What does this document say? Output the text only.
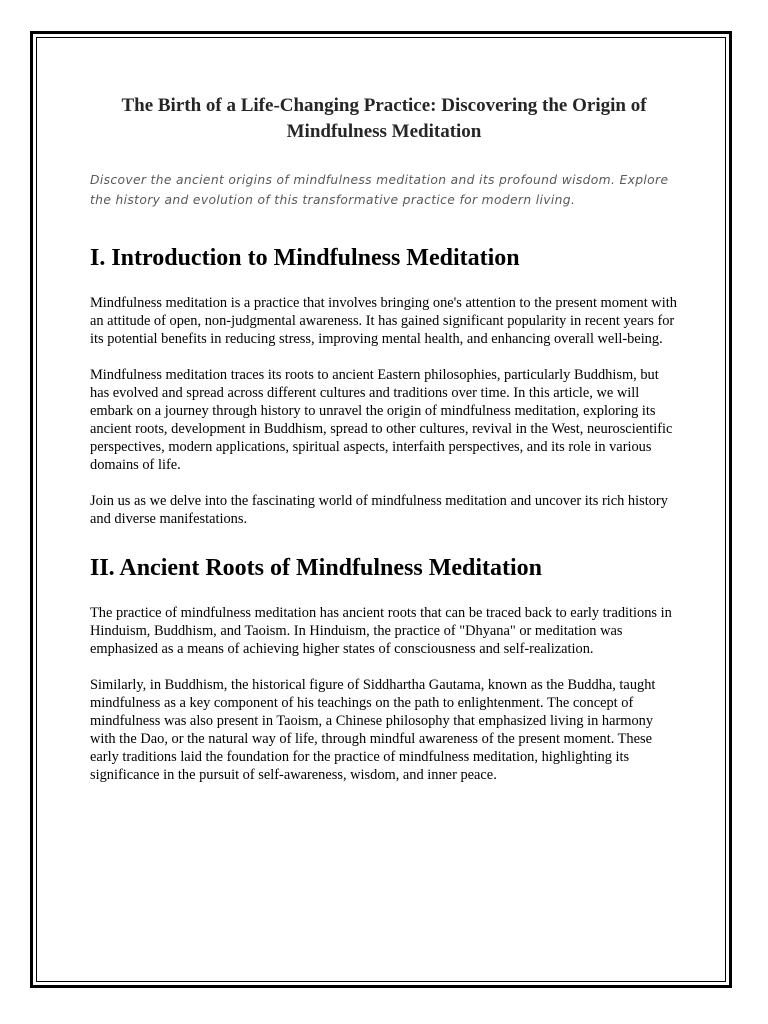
The Birth of a Life-Changing Practice: Discovering the Origin of Mindfulness Meditation

Discover the ancient origins of mindfulness meditation and its profound wisdom. Explore the history and evolution of this transformative practice for modern living.

I. Introduction to Mindfulness Meditation

Mindfulness meditation is a practice that involves bringing one's attention to the present moment with an attitude of open, non-judgmental awareness. It has gained significant popularity in recent years for its potential benefits in reducing stress, improving mental health, and enhancing overall well-being.

Mindfulness meditation traces its roots to ancient Eastern philosophies, particularly Buddhism, but has evolved and spread across different cultures and traditions over time. In this article, we will embark on a journey through history to unravel the origin of mindfulness meditation, exploring its ancient roots, development in Buddhism, spread to other cultures, revival in the West, neuroscientific perspectives, modern applications, spiritual aspects, interfaith perspectives, and its role in various domains of life.

Join us as we delve into the fascinating world of mindfulness meditation and uncover its rich history and diverse manifestations.

II. Ancient Roots of Mindfulness Meditation

The practice of mindfulness meditation has ancient roots that can be traced back to early traditions in Hinduism, Buddhism, and Taoism. In Hinduism, the practice of "Dhyana" or meditation was emphasized as a means of achieving higher states of consciousness and self-realization.

Similarly, in Buddhism, the historical figure of Siddhartha Gautama, known as the Buddha, taught mindfulness as a key component of his teachings on the path to enlightenment. The concept of mindfulness was also present in Taoism, a Chinese philosophy that emphasized living in harmony with the Dao, or the natural way of life, through mindful awareness of the present moment. These early traditions laid the foundation for the practice of mindfulness meditation, highlighting its significance in the pursuit of self-awareness, wisdom, and inner peace.
